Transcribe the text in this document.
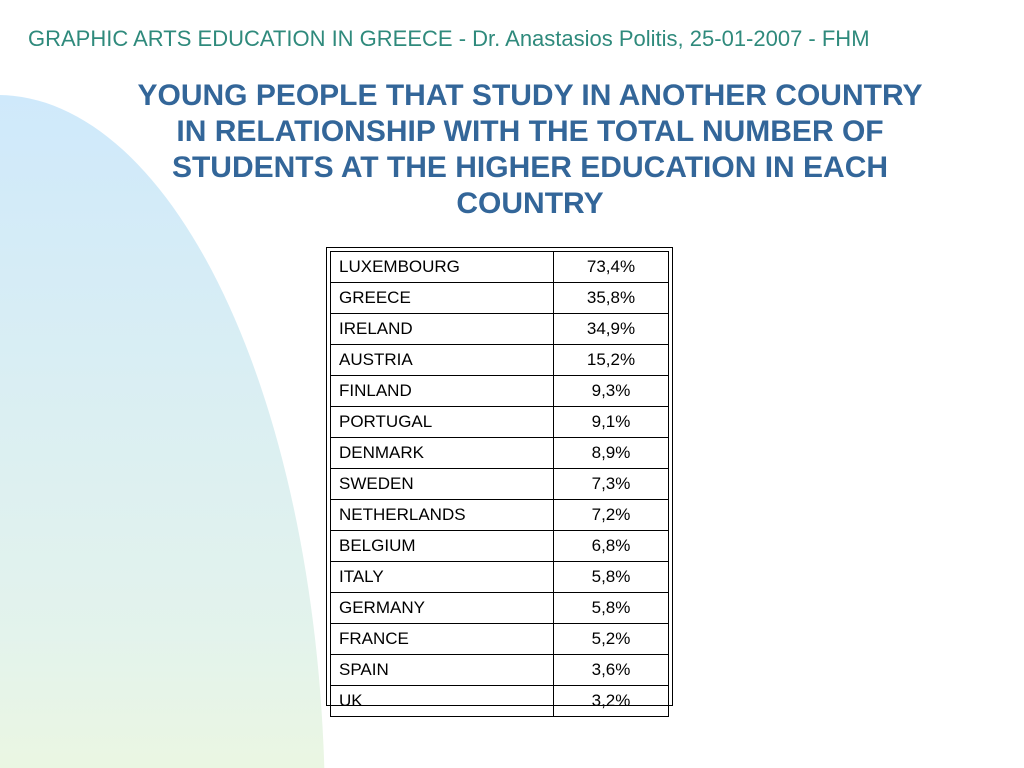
GRAPHIC ARTS EDUCATION IN GREECE - Dr. Anastasios Politis, 25-01-2007 - FHM
YOUNG PEOPLE THAT STUDY IN ANOTHER COUNTRY
IN RELATIONSHIP WITH THE TOTAL NUMBER OF
STUDENTS AT THE HIGHER EDUCATION IN EACH
COUNTRY
LUXEMBOURG	73,4%
GREECE	35,8%
IRELAND	34,9%
AUSTRIA	15,2%
FINLAND	9,3%
PORTUGAL	9,1%
DENMARK	8,9%
SWEDEN	7,3%
NETHERLANDS	7,2%
BELGIUM	6,8%
ITALY	5,8%
GERMANY	5,8%
FRANCE	5,2%
SPAIN	3,6%
UK	3,2%
